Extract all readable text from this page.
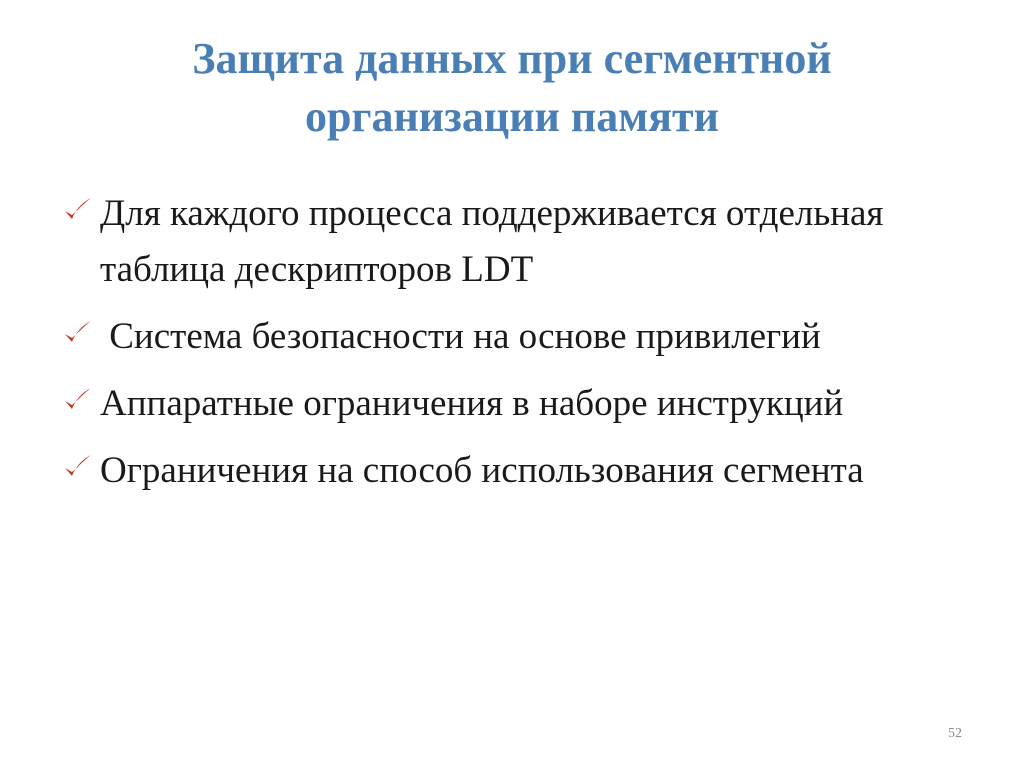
Защита данных при сегментной
организации памяти
Для каждого процесса поддерживается отдельная таблица дескрипторов LDT
Система безопасности на основе привилегий
Аппаратные ограничения в наборе инструкций
Ограничения на способ использования сегмента
52
